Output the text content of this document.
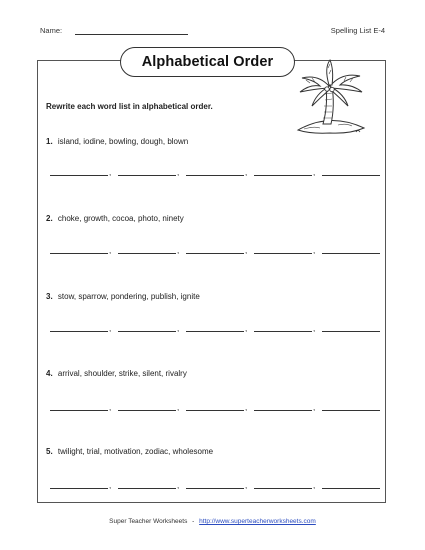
Name:	Spelling List E-4
Alphabetical Order
Rewrite each word list in alphabetical order.
1. island, iodine, bowling, dough, blown
,	,	,	,
2. choke, growth, cocoa, photo, ninety
,	,	,	,
3. stow, sparrow, pondering, publish, ignite
,	,	,	,
4. arrival, shoulder, strike, silent, rivalry
,	,	,	,
5. twilight, trial, motivation, zodiac, wholesome
,	,	,	,
Super Teacher Worksheets - http://www.superteacherworksheets.com
